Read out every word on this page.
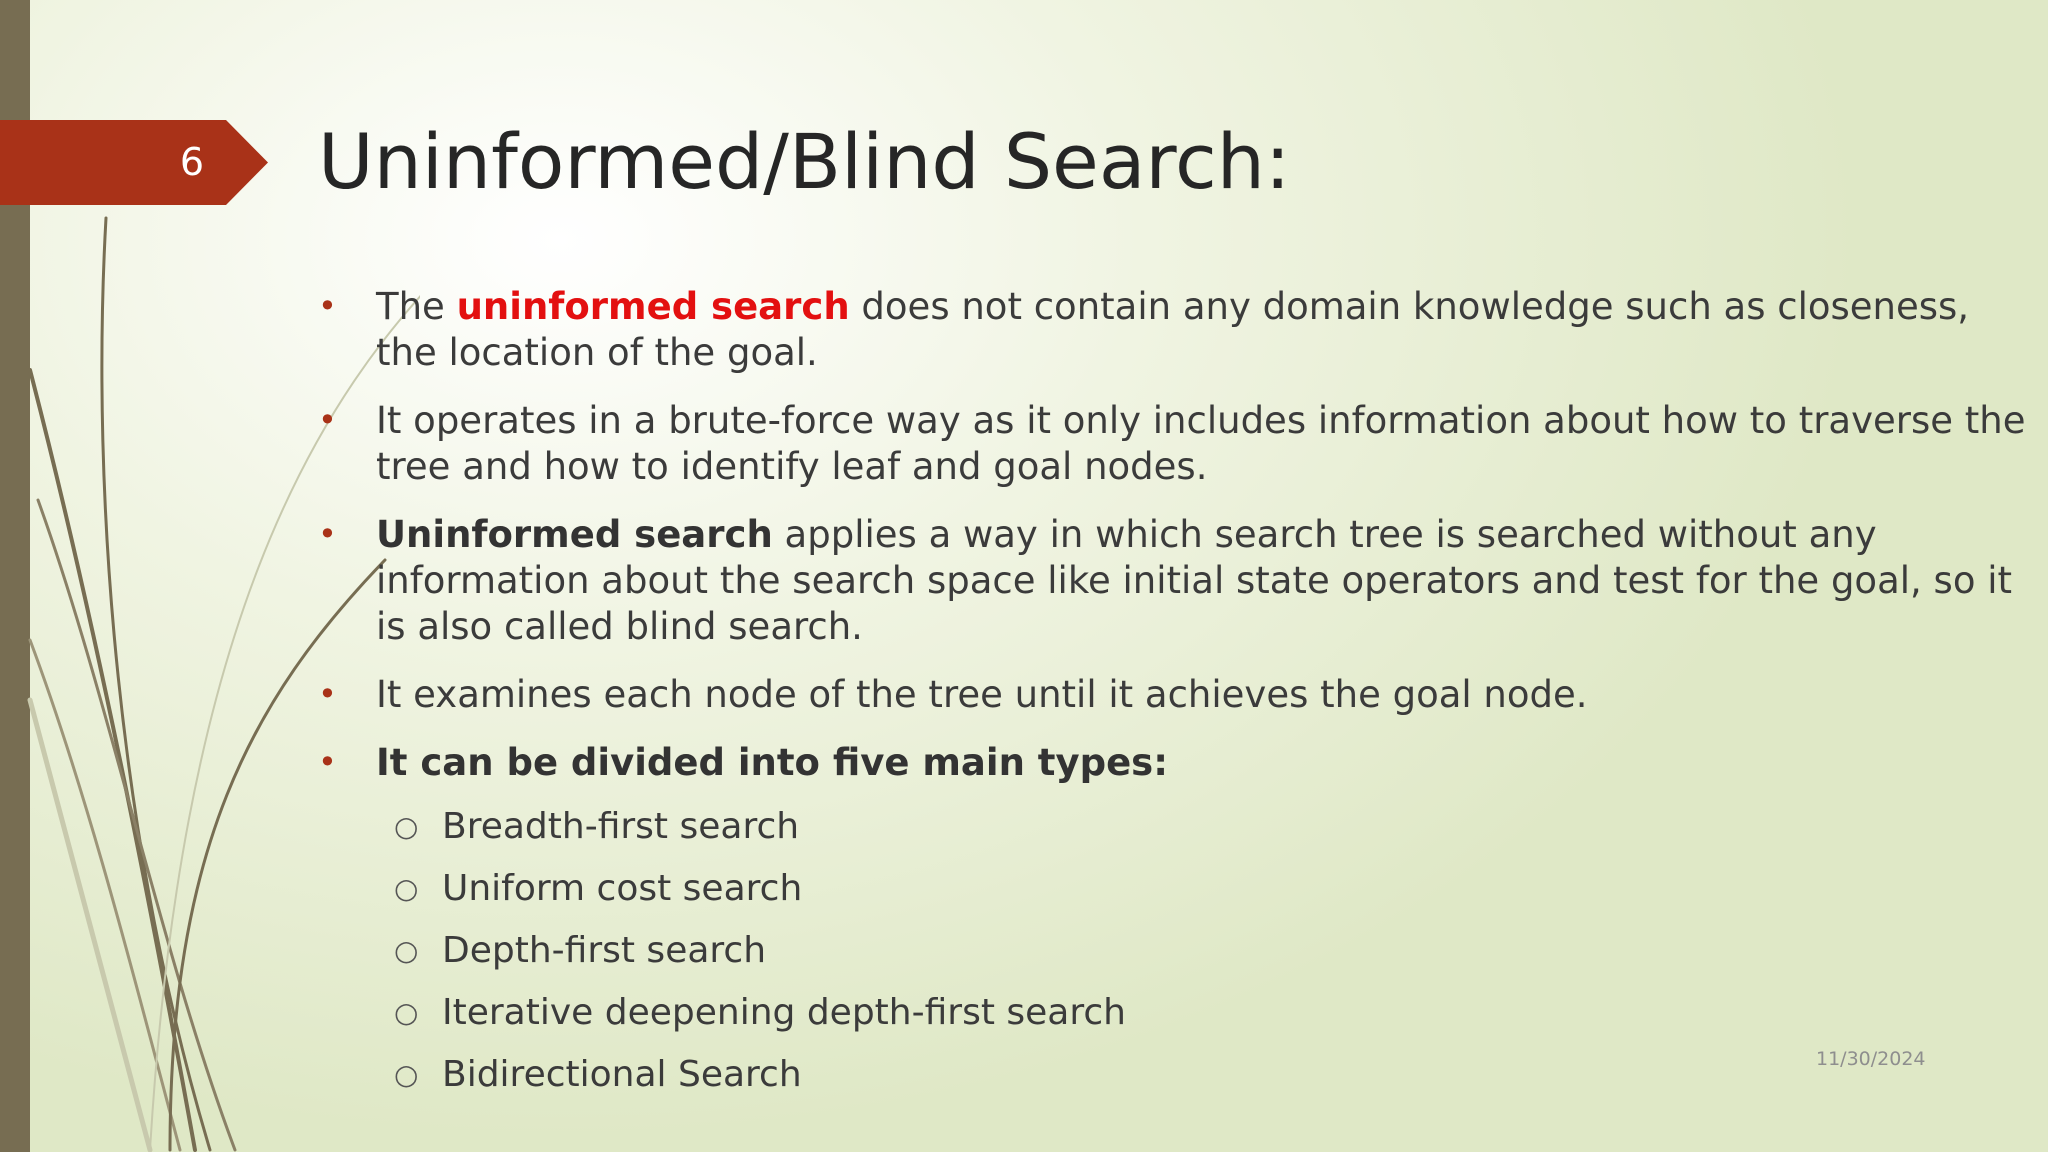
6 Uninformed/Blind Search:
•	The uninformed search does not contain any domain knowledge such as closeness, the location of the goal.
•	It operates in a brute-force way as it only includes information about how to traverse the tree and how to identify leaf and goal nodes.
•	Uninformed search applies a way in which search tree is searched without any information about the search space like initial state operators and test for the goal, so it is also called blind search.
•	It examines each node of the tree until it achieves the goal node.
•	It can be divided into five main types:
○ Breadth-first search
○ Uniform cost search
○ Depth-first search
○ Iterative deepening depth-first search
○ Bidirectional Search	11/30/2024
